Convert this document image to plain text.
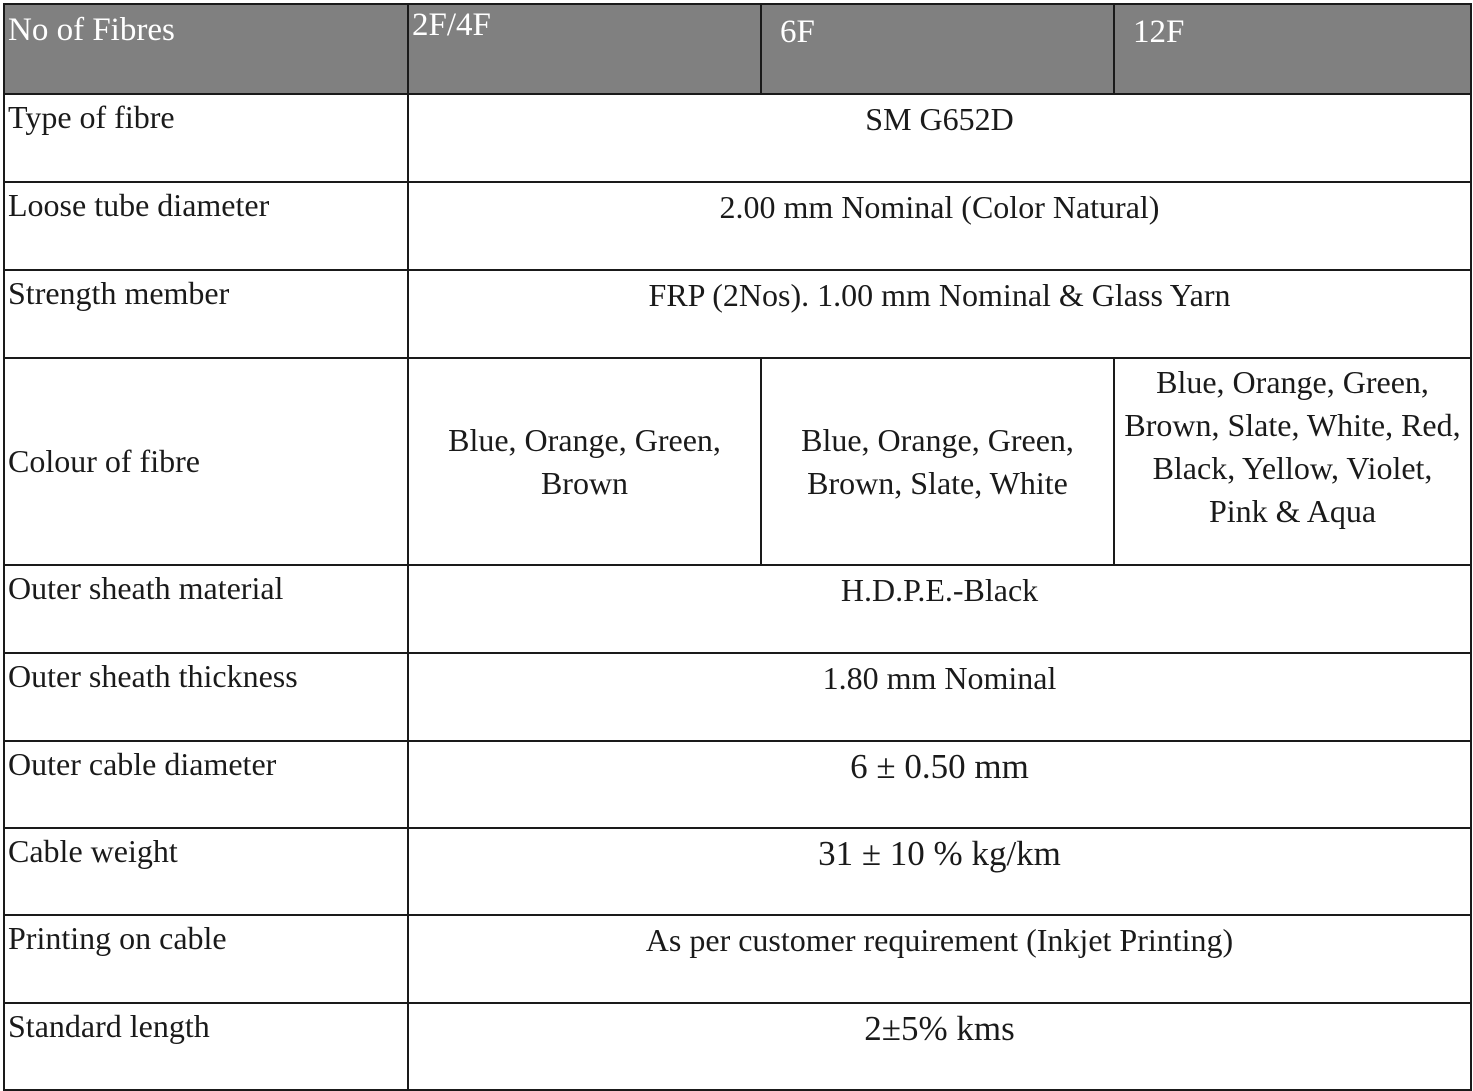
No of Fibres	2F/4F	6F	12F
Type of fibre	SM G652D		
Loose tube diameter	2.00 mm Nominal (Color Natural)		
Strength member	FRP (2Nos). 1.00 mm Nominal & Glass Yarn		
Colour of fibre	Blue, Orange, Green, Brown	Blue, Orange, Green, Brown, Slate, White	Blue, Orange, Green, Brown, Slate, White, Red, Black, Yellow, Violet, Pink & Aqua
Outer sheath material	H.D.P.E.-Black		
Outer sheath thickness	1.80 mm Nominal		
Outer cable diameter	6 ± 0.50 mm		
Cable weight	31 ± 10 % kg/km		
Printing on cable	As per customer requirement (Inkjet Printing)		
Standard length	2±5% kms		
